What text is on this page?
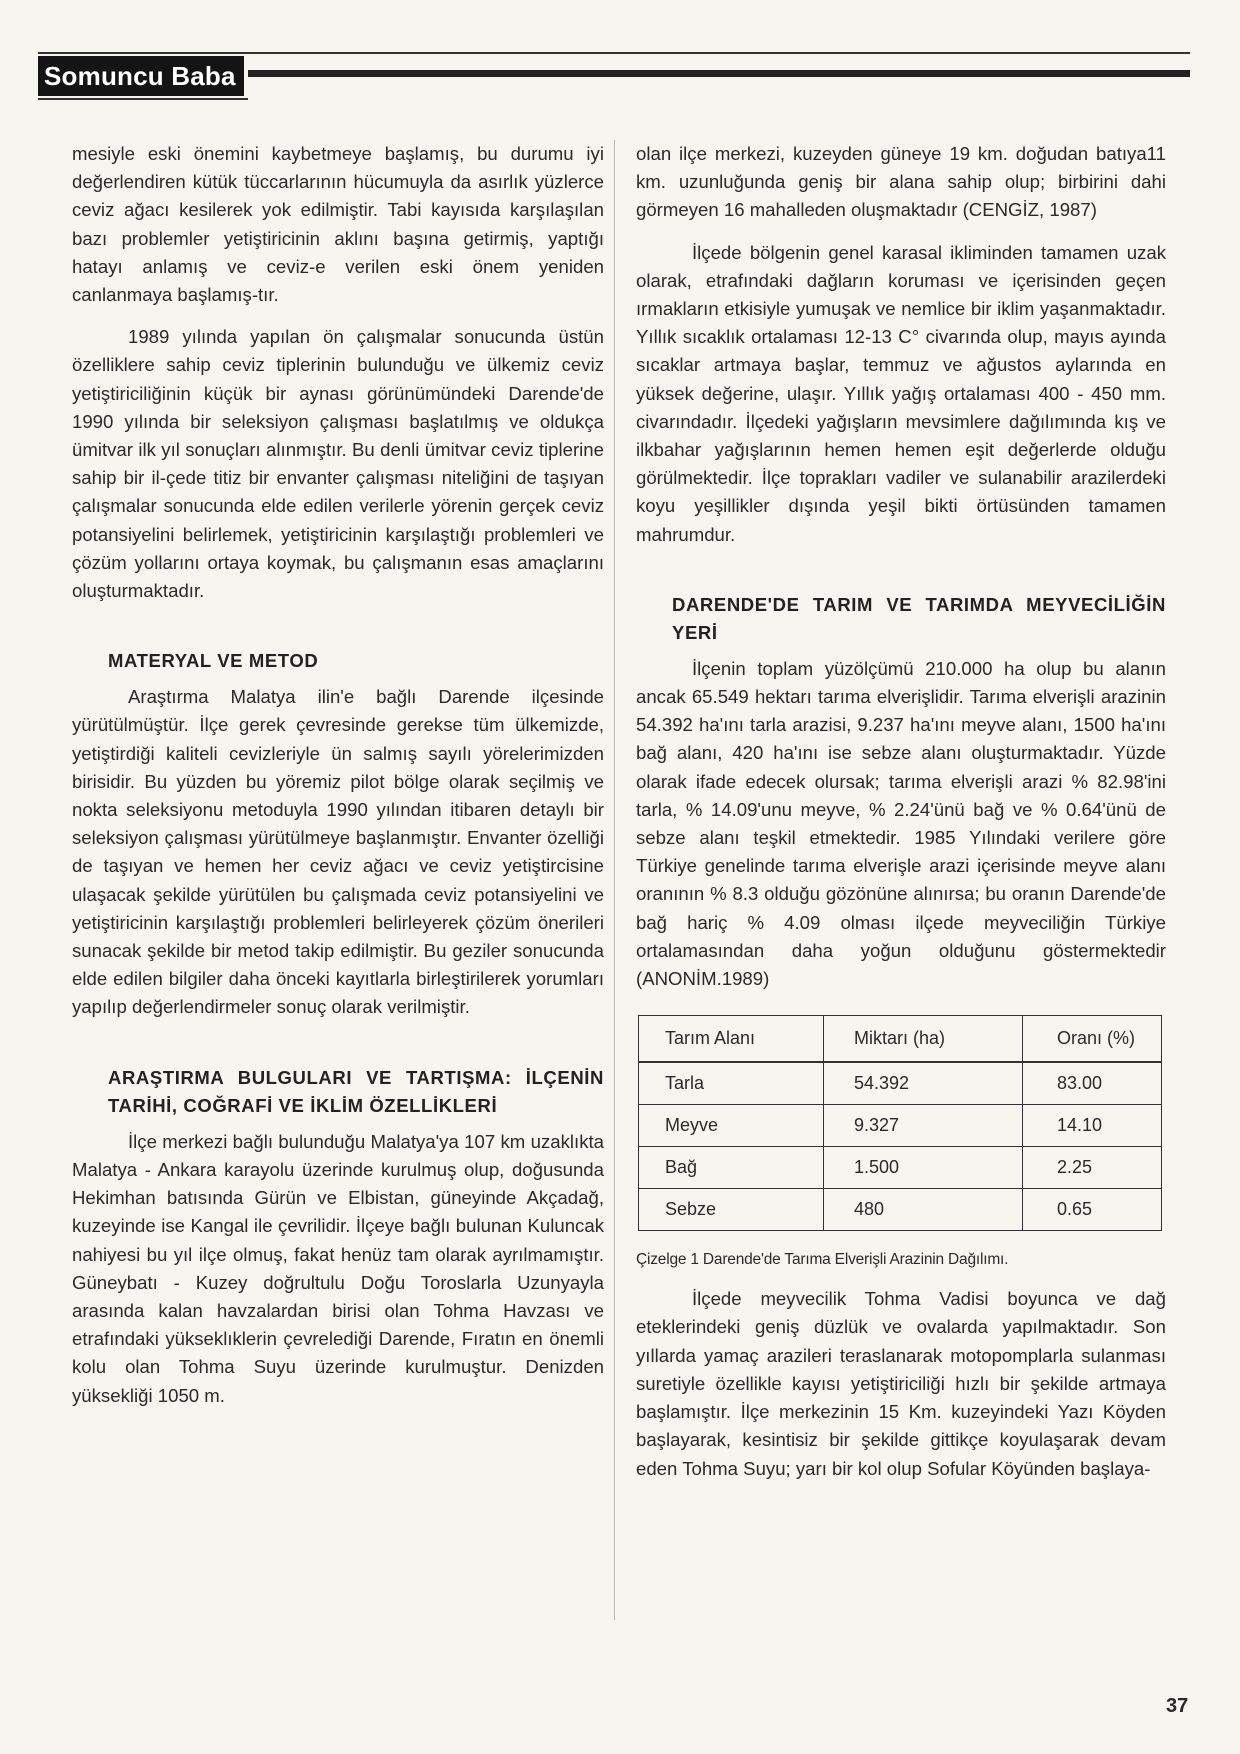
Somuncu Baba

mesiyle eski önemini kaybetmeye başlamış, bu durumu iyi değerlendiren kütük tüccarlarının hücumuyla da asırlık yüzlerce ceviz ağacı kesilerek yok edilmiştir. Tabi kayısıda karşılaşılan bazı problemler yetiştiricinin aklını başına getirmiş, yaptığı hatayı anlamış ve ceviz-e verilen eski önem yeniden canlanmaya başlamış-tır.

1989 yılında yapılan ön çalışmalar sonucunda üstün özelliklere sahip ceviz tiplerinin bulunduğu ve ülkemiz ceviz yetiştiriciliğinin küçük bir aynası görünümündeki Darende'de 1990 yılında bir seleksiyon çalışması başlatılmış ve oldukça ümitvar ilk yıl sonuçları alınmıştır. Bu denli ümitvar ceviz tiplerine sahip bir il-çede titiz bir envanter çalışması niteliğini de taşıyan çalışmalar sonucunda elde edilen verilerle yörenin gerçek ceviz potansiyelini belirlemek, yetiştiricinin karşılaştığı problemleri ve çözüm yollarını ortaya koymak, bu çalışmanın esas amaçlarını oluşturmaktadır.

MATERYAL VE METOD

Araştırma Malatya ilin'e bağlı Darende ilçesinde yürütülmüştür. İlçe gerek çevresinde gerekse tüm ülkemizde, yetiştirdiği kaliteli cevizleriyle ün salmış sayılı yörelerimizden birisidir. Bu yüzden bu yöremiz pilot bölge olarak seçilmiş ve nokta seleksiyonu metoduyla 1990 yılından itibaren detaylı bir seleksiyon çalışması yürütülmeye başlanmıştır. Envanter özelliği de taşıyan ve hemen her ceviz ağacı ve ceviz yetiştircisine ulaşacak şekilde yürütülen bu çalışmada ceviz potansiyelini ve yetiştiricinin karşılaştığı problemleri belirleyerek çözüm önerileri sunacak şekilde bir metod takip edilmiştir. Bu geziler sonucunda elde edilen bilgiler daha önceki kayıtlarla birleştirilerek yorumları yapılıp değerlendirmeler sonuç olarak verilmiştir.

ARAŞTIRMA BULGULARI VE TARTIŞMA: İLÇENİN TARİHİ, COĞRAFİ VE İKLİM ÖZELLİKLERİ

İlçe merkezi bağlı bulunduğu Malatya'ya 107 km uzaklıkta Malatya - Ankara karayolu üzerinde kurulmuş olup, doğusunda Hekimhan batısında Gürün ve Elbistan, güneyinde Akçadağ, kuzeyinde ise Kangal ile çevrilidir. İlçeye bağlı bulunan Kuluncak nahiyesi bu yıl ilçe olmuş, fakat henüz tam olarak ayrılmamıştır. Güneybatı - Kuzey doğrultulu Doğu Toroslarla Uzunyayla arasında kalan havzalardan birisi olan Tohma Havzası ve etrafındaki yükseklıklerin çevrelediği Darende, Fıratın en önemli kolu olan Tohma Suyu üzerinde kurulmuştur. Denizden yüksekliği 1050 m.

olan ilçe merkezi, kuzeyden güneye 19 km. doğudan batıya11 km. uzunluğunda geniş bir alana sahip olup; birbirini dahi görmeyen 16 mahalleden oluşmaktadır (CENGİZ, 1987)

İlçede bölgenin genel karasal ikliminden tamamen uzak olarak, etrafındaki dağların koruması ve içerisinden geçen ırmakların etkisiyle yumuşak ve nemlice bir iklim yaşanmaktadır. Yıllık sıcaklık ortalaması 12-13 C° civarında olup, mayıs ayında sıcaklar artmaya başlar, temmuz ve ağustos aylarında en yüksek değerine, ulaşır. Yıllık yağış ortalaması 400 - 450 mm. civarındadır. İlçedeki yağışların mevsimlere dağılımında kış ve ilkbahar yağışlarının hemen hemen eşit değerlerde olduğu görülmektedir. İlçe toprakları vadiler ve sulanabilir arazilerdeki koyu yeşillikler dışında yeşil bikti örtüsünden tamamen mahrumdur.

DARENDE'DE TARIM VE TARIMDA MEYVECİLİĞİN YERİ

İlçenin toplam yüzölçümü 210.000 ha olup bu alanın ancak 65.549 hektarı tarıma elverişlidir. Tarıma elverişli arazinin 54.392 ha'ını tarla arazisi, 9.237 ha'ını meyve alanı, 1500 ha'ını bağ alanı, 420 ha'ını ise sebze alanı oluşturmaktadır. Yüzde olarak ifade edecek olursak; tarıma elverişli arazi % 82.98'ini tarla, % 14.09'unu meyve, % 2.24'ünü bağ ve % 0.64'ünü de sebze alanı teşkil etmektedir. 1985 Yılındaki verilere göre Türkiye genelinde tarıma elverişle arazi içerisinde meyve alanı oranının % 8.3 olduğu gözönüne alınırsa; bu oranın Darende'de bağ hariç % 4.09 olması ilçede meyveciliğin Türkiye ortalamasından daha yoğun olduğunu göstermektedir (ANONİM.1989)

Tarım Alanı	Miktarı (ha)	Oranı (%)
Tarla	54.392	83.00
Meyve	9.327	14.10
Bağ	1.500	2.25
Sebze	480	0.65
Çizelge 1 Darende'de Tarıma Elverişli Arazinin Dağılımı.

İlçede meyvecilik Tohma Vadisi boyunca ve dağ eteklerindeki geniş düzlük ve ovalarda yapılmaktadır. Son yıllarda yamaç arazileri teraslanarak motopomplarla sulanması suretiyle özellikle kayısı yetiştiriciliği hızlı bir şekilde artmaya başlamıştır. İlçe merkezinin 15 Km. kuzeyindeki Yazı Köyden başlayarak, kesintisiz bir şekilde gittikçe koyulaşarak devam eden Tohma Suyu; yarı bir kol olup Sofular Köyünden başlaya-

37
